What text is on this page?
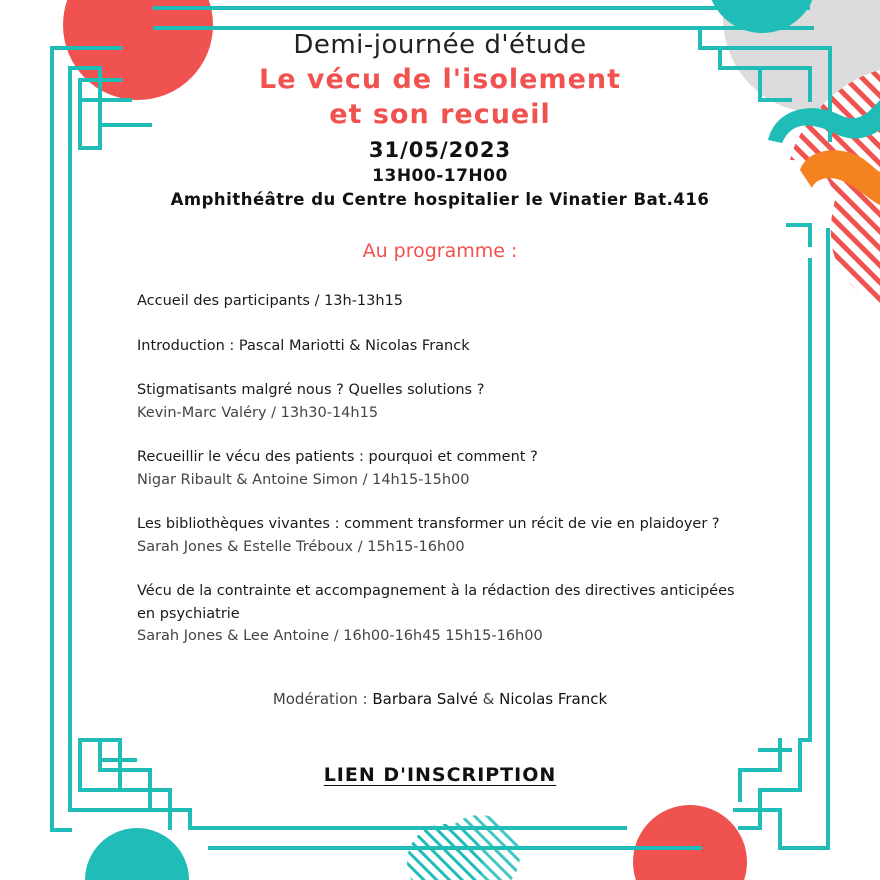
Demi-journée d'étude
Le vécu de l'isolement
et son recueil
31/05/2023
13H00-17H00
Amphithéâtre du Centre hospitalier le Vinatier Bat.416
Au programme :
Accueil des participants / 13h-13h15
Introduction : Pascal Mariotti & Nicolas Franck
Stigmatisants malgré nous ? Quelles solutions ?
Kevin-Marc Valéry / 13h30-14h15
Recueillir le vécu des patients : pourquoi et comment ?
Nigar Ribault & Antoine Simon / 14h15-15h00
Les bibliothèques vivantes : comment transformer un récit de vie en plaidoyer ?
Sarah Jones & Estelle Tréboux / 15h15-16h00
Vécu de la contrainte et accompagnement à la rédaction des directives anticipées en psychiatrie
Sarah Jones & Lee Antoine / 16h00-16h45 15h15-16h00
Modération : Barbara Salvé & Nicolas Franck
LIEN D'INSCRIPTION
